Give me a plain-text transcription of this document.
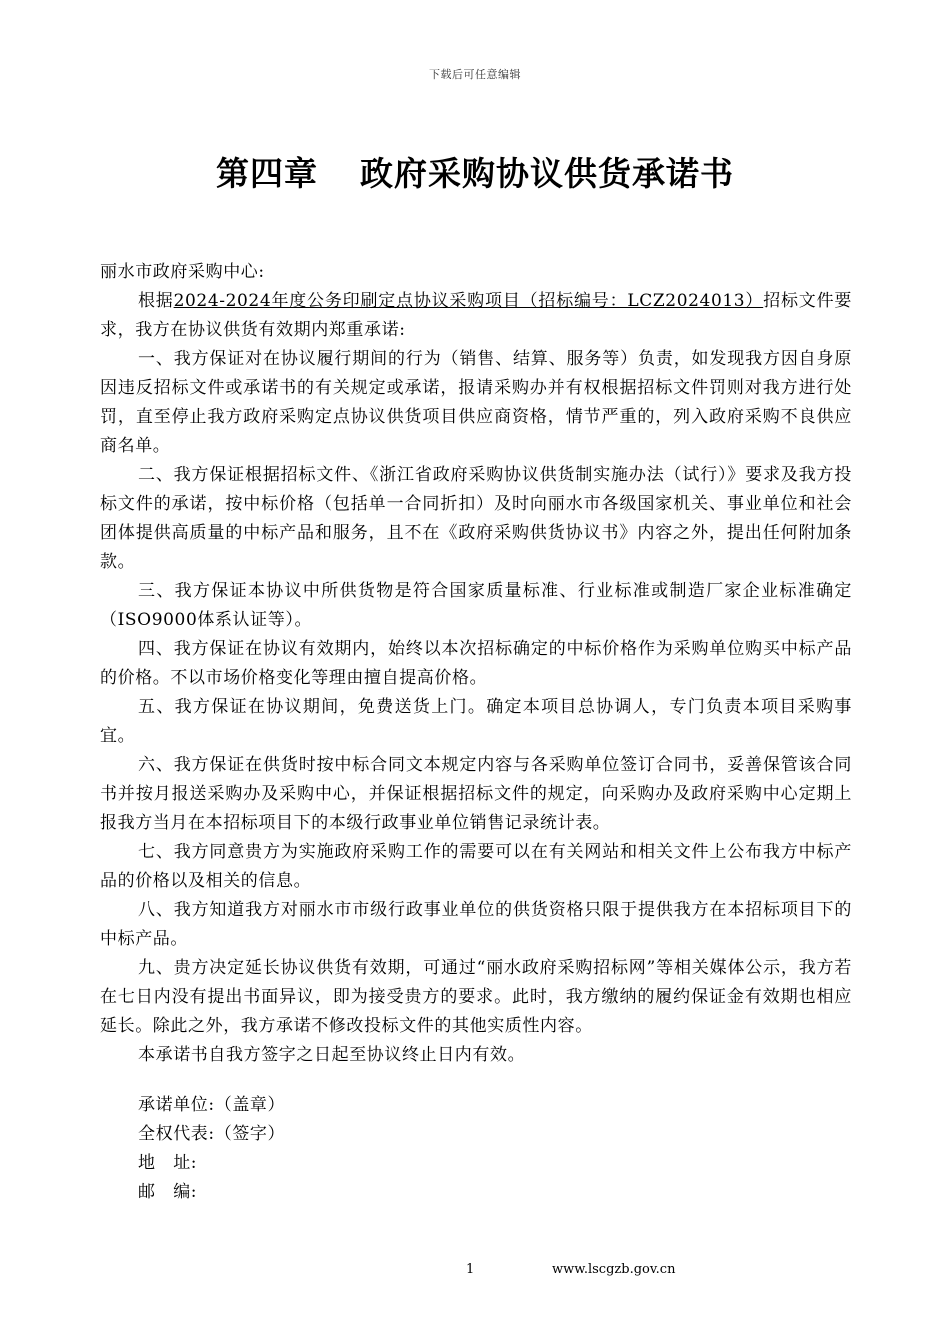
下载后可任意编辑
第四章 政府采购协议供货承诺书

丽水市政府采购中心:

根据2024-2024年度公务印刷定点协议采购项目（招标编号：LCZ2024013）招标文件要求，我方在协议供货有效期内郑重承诺:

一、我方保证对在协议履行期间的行为（销售、结算、服务等）负责，如发现我方因自身原因违反招标文件或承诺书的有关规定或承诺，报请采购办并有权根据招标文件罚则对我方进行处罚，直至停止我方政府采购定点协议供货项目供应商资格，情节严重的，列入政府采购不良供应商名单。

二、我方保证根据招标文件、《浙江省政府采购协议供货制实施办法（试行）》要求及我方投标文件的承诺，按中标价格（包括单一合同折扣）及时向丽水市各级国家机关、事业单位和社会团体提供高质量的中标产品和服务，且不在《政府采购供货协议书》内容之外，提出任何附加条款。

三、我方保证本协议中所供货物是符合国家质量标准、行业标准或制造厂家企业标准确定（ISO9000体系认证等）。

四、我方保证在协议有效期内，始终以本次招标确定的中标价格作为采购单位购买中标产品的价格。不以市场价格变化等理由擅自提高价格。

五、我方保证在协议期间，免费送货上门。确定本项目总协调人，专门负责本项目采购事宜。

六、我方保证在供货时按中标合同文本规定内容与各采购单位签订合同书，妥善保管该合同书并按月报送采购办及采购中心，并保证根据招标文件的规定，向采购办及政府采购中心定期上报我方当月在本招标项目下的本级行政事业单位销售记录统计表。

七、我方同意贵方为实施政府采购工作的需要可以在有关网站和相关文件上公布我方中标产品的价格以及相关的信息。

八、我方知道我方对丽水市市级行政事业单位的供货资格只限于提供我方在本招标项目下的中标产品。

九、贵方决定延长协议供货有效期，可通过“丽水政府采购招标网”等相关媒体公示，我方若在七日内没有提出书面异议，即为接受贵方的要求。此时，我方缴纳的履约保证金有效期也相应延长。除此之外，我方承诺不修改投标文件的其他实质性内容。

本承诺书自我方签字之日起至协议终止日内有效。

承诺单位:（盖章）
全权代表:（签字）
地　址:
邮　编:
1	www.lscgzb.gov.cn
